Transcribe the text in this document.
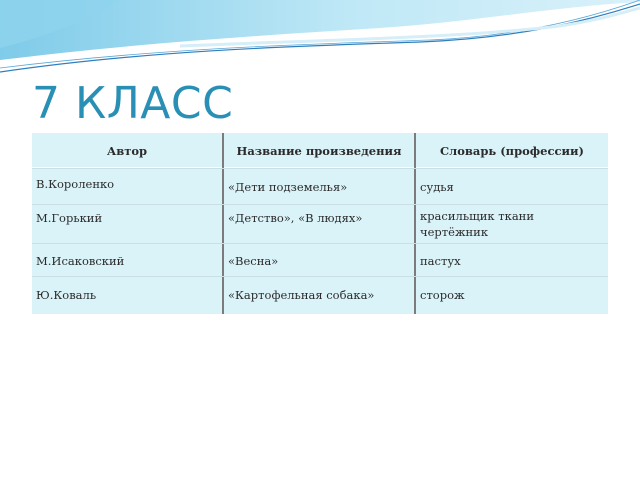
7 КЛАСС
Автор
В.Короленко
М.Горький
М.Исаковский
Ю.Коваль
Название произведения
«Дети подземелья»
«Детство», «В людях»
«Весна»
«Картофельная собака»
Словарь (профессии)
судья
красильщик ткани
чертёжник
пастух
сторож
